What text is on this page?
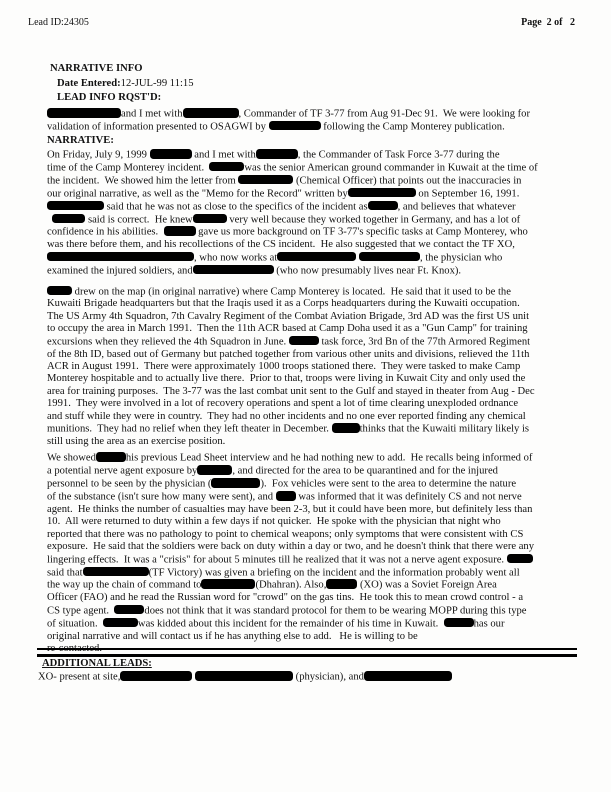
Lead ID:24305	Page  2 of   2
NARRATIVE INFO
Date Entered:12-JUL-99 11:15
LEAD INFO RQST'D:
and I met with	, Commander of TF 3-77 from Aug 91-Dec 91.  We were looking for
validation of information presented to OSAGWI by	following the Camp Monterey publication.
NARRATIVE:
On Friday, July 9, 1999	and I met with	, the Commander of Task Force 3-77 during the
time of the Camp Monterey incident.	was the senior American ground commander in Kuwait at the time of
the incident.  We showed him the letter from	(Chemical Officer) that points out the inaccuracies in
our original narrative, as well as the "Memo for the Record" written by	on September 16, 1991.
said that he was not as close to the specifics of the incident as	, and believes that whatever
said is correct.  He knew	very well because they worked together in Germany, and has a lot of
confidence in his abilities.	gave us more background on TF 3-77's specific tasks at Camp Monterey, who
was there before them, and his recollections of the CS incident.  He also suggested that we contact the TF XO,
, who now works at	, the physician who
examined the injured soldiers, and	(who now presumably lives near Ft. Knox).
drew on the map (in original narrative) where Camp Monterey is located.  He said that it used to be the
Kuwaiti Brigade headquarters but that the Iraqis used it as a Corps headquarters during the Kuwaiti occupation.
The US Army 4th Squadron, 7th Cavalry Regiment of the Combat Aviation Brigade, 3rd AD was the first US unit
to occupy the area in March 1991.  Then the 11th ACR based at Camp Doha used it as a "Gun Camp" for training
excursions when they relieved the 4th Squadron in June.	task force, 3rd Bn of the 77th Armored Regiment
of the 8th ID, based out of Germany but patched together from various other units and divisions, relieved the 11th
ACR in August 1991.  There were approximately 1000 troops stationed there.  They were tasked to make Camp
Monterey hospitable and to actually live there.  Prior to that, troops were living in Kuwait City and only used the
area for training purposes.  The 3-77 was the last combat unit sent to the Gulf and stayed in theater from Aug - Dec
1991.  They were involved in a lot of recovery operations and spent a lot of time clearing unexploded ordnance
and stuff while they were in country.  They had no other incidents and no one ever reported finding any chemical
munitions.  They had no relief when they left theater in December.	thinks that the Kuwaiti military likely is
still using the area as an exercise position.
We showed	his previous Lead Sheet interview and he had nothing new to add.  He recalls being informed of
a potential nerve agent exposure by	, and directed for the area to be quarantined and for the injured
personnel to be seen by the physician (	).  Fox vehicles were sent to the area to determine the nature
of the substance (isn't sure how many were sent), and  was informed that it was definitely CS and not nerve
agent.  He thinks the number of casualties may have been 2-3, but it could have been more, but definitely less than
10.  All were returned to duty within a few days if not quicker.  He spoke with the physician that night who
reported that there was no pathology to point to chemical weapons; only symptoms that were consistent with CS
exposure.  He said that the soldiers were back on duty within a day or two, and he doesn't think that there were any
lingering effects.  It was a "crisis" for about 5 minutes till he realized that it was not a nerve agent exposure.
said that	(TF Victory) was given a briefing on the incident and the information probably went all
the way up the chain of command to	(Dhahran). Also,	(XO) was a Soviet Foreign Area
Officer (FAO) and he read the Russian word for "crowd" on the gas tins.  He took this to mean crowd control - a
CS type agent.	does not think that it was standard protocol for them to be wearing MOPP during this type
of situation.	was kidded about this incident for the remainder of his time in Kuwait.	has our
original narrative and will contact us if he has anything else to add.   He is willing to be
re-contacted.
ADDITIONAL LEADS:
XO- present at site,	(physician), and
